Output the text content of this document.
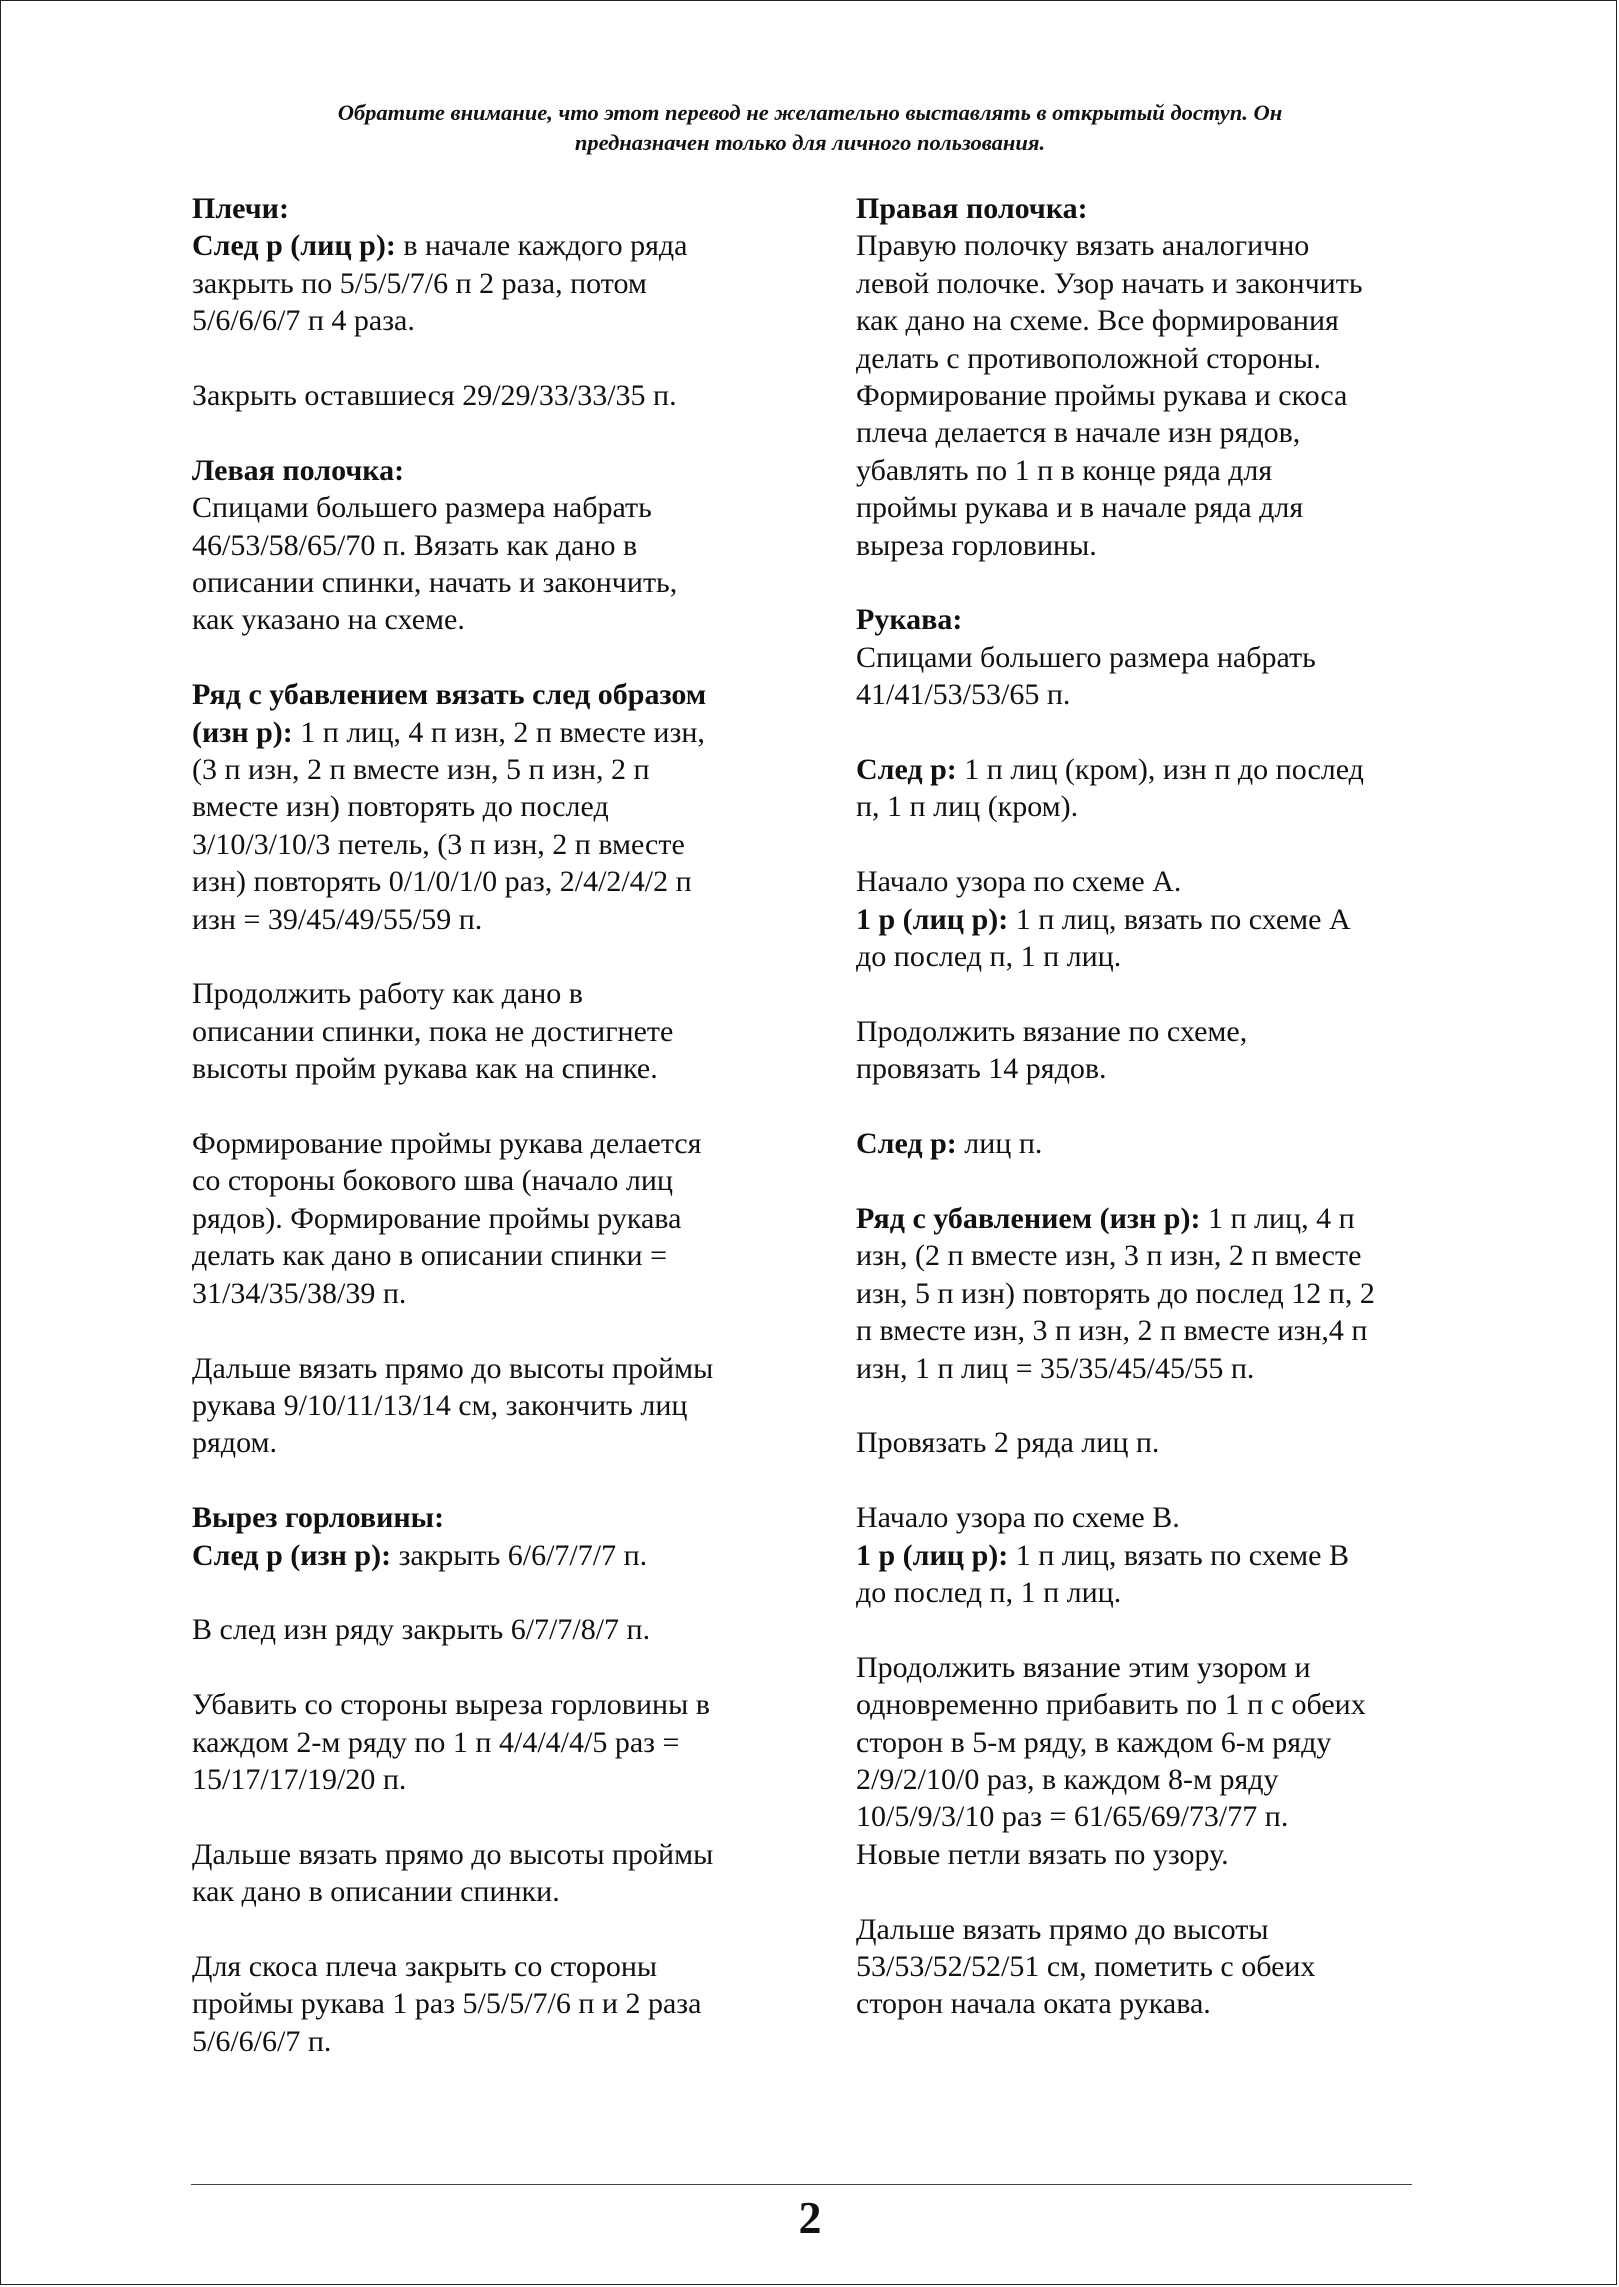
Обратите внимание, что этот перевод не желательно выставлять в открытый доступ. Он
предназначен только для личного пользования.
Плечи:
След р (лиц р): в начале каждого ряда
закрыть по 5/5/5/7/6 п 2 раза, потом
5/6/6/6/7 п 4 раза.
Закрыть оставшиеся 29/29/33/33/35 п.
Левая полочка:
Спицами большего размера набрать
46/53/58/65/70 п. Вязать как дано в
описании спинки, начать и закончить,
как указано на схеме.
Ряд с убавлением вязать след образом
(изн р): 1 п лиц, 4 п изн, 2 п вместе изн,
(3 п изн, 2 п вместе изн, 5 п изн, 2 п
вместе изн) повторять до послед
3/10/3/10/3 петель, (3 п изн, 2 п вместе
изн) повторять 0/1/0/1/0 раз, 2/4/2/4/2 п
изн = 39/45/49/55/59 п.
Продолжить работу как дано в
описании спинки, пока не достигнете
высоты пройм рукава как на спинке.
Формирование проймы рукава делается
со стороны бокового шва (начало лиц
рядов). Формирование проймы рукава
делать как дано в описании спинки =
31/34/35/38/39 п.
Дальше вязать прямо до высоты проймы
рукава 9/10/11/13/14 см, закончить лиц
рядом.
Вырез горловины:
След р (изн р): закрыть 6/6/7/7/7 п.
В след изн ряду закрыть 6/7/7/8/7 п.
Убавить со стороны выреза горловины в
каждом 2-м ряду по 1 п 4/4/4/4/5 раз =
15/17/17/19/20 п.
Дальше вязать прямо до высоты проймы
как дано в описании спинки.
Для скоса плеча закрыть со стороны
проймы рукава 1 раз 5/5/5/7/6 п и 2 раза
5/6/6/6/7 п.
Правая полочка:
Правую полочку вязать аналогично
левой полочке. Узор начать и закончить
как дано на схеме. Все формирования
делать с противоположной стороны.
Формирование проймы рукава и скоса
плеча делается в начале изн рядов,
убавлять по 1 п в конце ряда для
проймы рукава и в начале ряда для
выреза горловины.
Рукава:
Спицами большего размера набрать
41/41/53/53/65 п.
След р: 1 п лиц (кром), изн п до послед
п, 1 п лиц (кром).
Начало узора по схеме А.
1 р (лиц р): 1 п лиц, вязать по схеме А
до послед п, 1 п лиц.
Продолжить вязание по схеме,
провязать 14 рядов.
След р: лиц п.
Ряд с убавлением (изн р): 1 п лиц, 4 п
изн, (2 п вместе изн, 3 п изн, 2 п вместе
изн, 5 п изн) повторять до послед 12 п, 2
п вместе изн, 3 п изн, 2 п вместе изн,4 п
изн, 1 п лиц = 35/35/45/45/55 п.
Провязать 2 ряда лиц п.
Начало узора по схеме В.
1 р (лиц р): 1 п лиц, вязать по схеме В
до послед п, 1 п лиц.
Продолжить вязание этим узором и
одновременно прибавить по 1 п с обеих
сторон в 5-м ряду, в каждом 6-м ряду
2/9/2/10/0 раз, в каждом 8-м ряду
10/5/9/3/10 раз = 61/65/69/73/77 п.
Новые петли вязать по узору.
Дальше вязать прямо до высоты
53/53/52/52/51 см, пометить с обеих
сторон начала оката рукава.
2
